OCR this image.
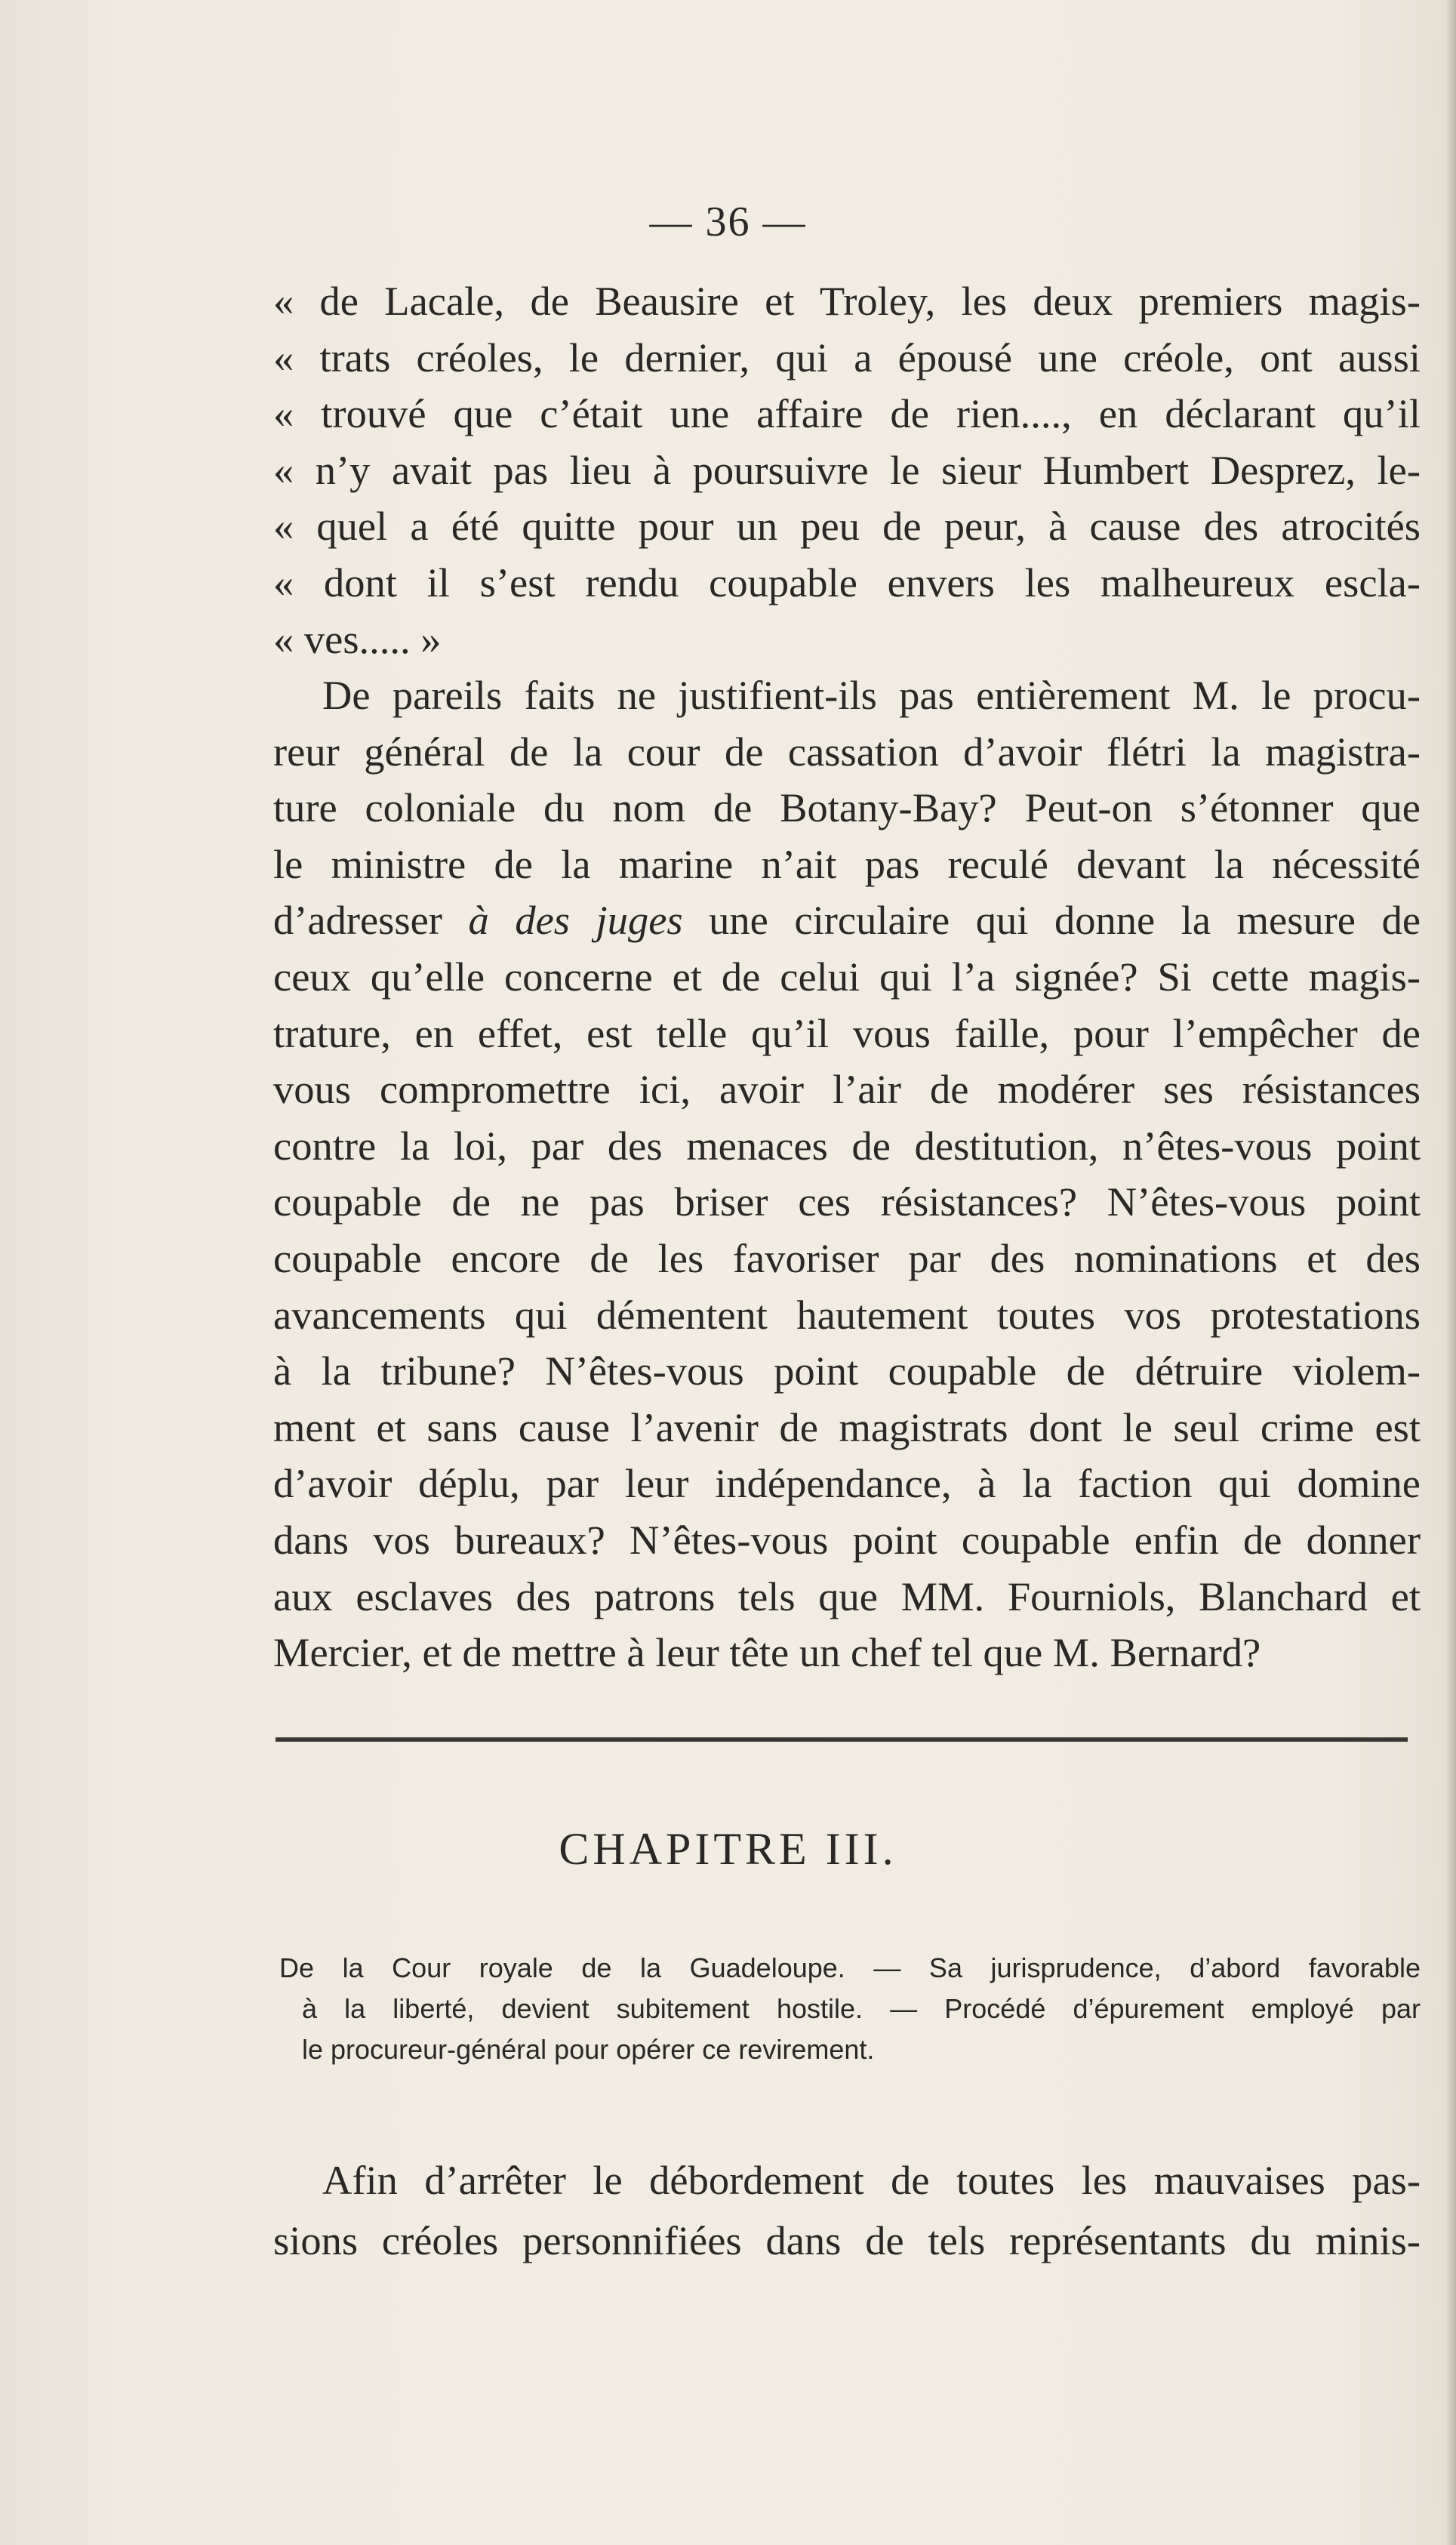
— 36 —
« de Lacale, de Beausire et Troley, les deux premiers magis-
« trats créoles, le dernier, qui a épousé une créole, ont aussi
« trouvé que c’était une affaire de rien...., en déclarant qu’il
« n’y avait pas lieu à poursuivre le sieur Humbert Desprez, le-
« quel a été quitte pour un peu de peur, à cause des atrocités
« dont il s’est rendu coupable envers les malheureux escla-
« ves..... »
De pareils faits ne justifient-ils pas entièrement M. le procu-
reur général de la cour de cassation d’avoir flétri la magistra-
ture coloniale du nom de Botany-Bay? Peut-on s’étonner que
le ministre de la marine n’ait pas reculé devant la nécessité
d’adresser à des juges une circulaire qui donne la mesure de
ceux qu’elle concerne et de celui qui l’a signée? Si cette magis-
trature, en effet, est telle qu’il vous faille, pour l’empêcher de
vous compromettre ici, avoir l’air de modérer ses résistances
contre la loi, par des menaces de destitution, n’êtes-vous point
coupable de ne pas briser ces résistances? N’êtes-vous point
coupable encore de les favoriser par des nominations et des
avancements qui démentent hautement toutes vos protestations
à la tribune? N’êtes-vous point coupable de détruire violem-
ment et sans cause l’avenir de magistrats dont le seul crime est
d’avoir déplu, par leur indépendance, à la faction qui domine
dans vos bureaux? N’êtes-vous point coupable enfin de donner
aux esclaves des patrons tels que MM. Fourniols, Blanchard et
Mercier, et de mettre à leur tête un chef tel que M. Bernard?
CHAPITRE III.
De la Cour royale de la Guadeloupe. — Sa jurisprudence, d’abord favorable
à la liberté, devient subitement hostile. — Procédé d’épurement employé par
le procureur-général pour opérer ce revirement.
Afin d’arrêter le débordement de toutes les mauvaises pas-
sions créoles personnifiées dans de tels représentants du minis-
